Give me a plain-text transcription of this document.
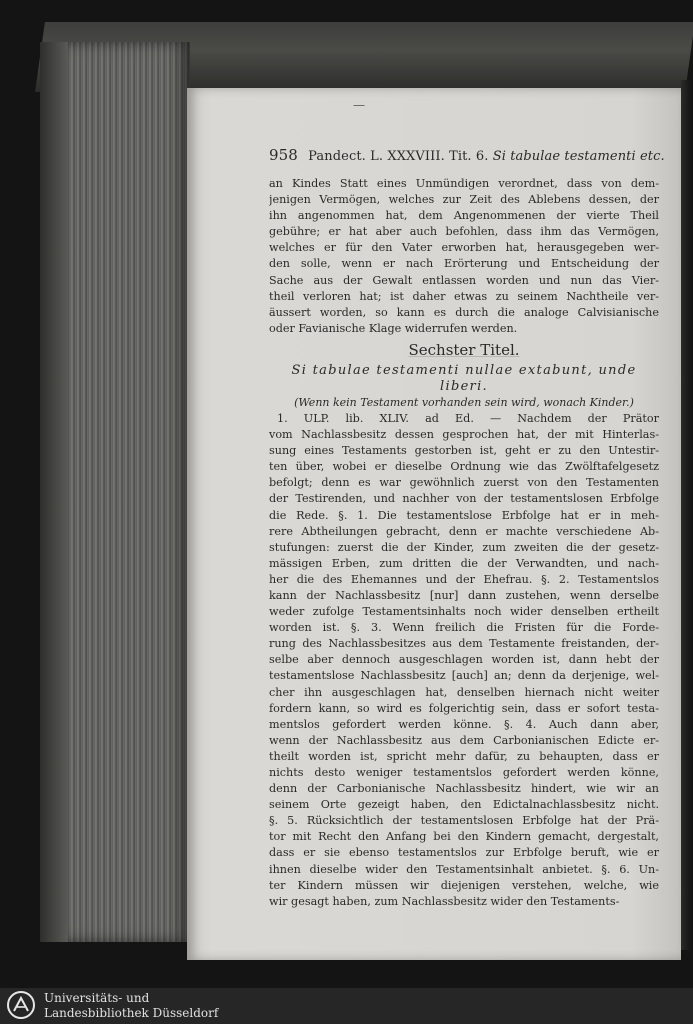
—
958 Pandect. L. XXXVIII. Tit. 6. Si tabulae testamenti etc.
an Kindes Statt eines Unmündigen verordnet, dass von dem-
jenigen Vermögen, welches zur Zeit des Ablebens dessen, der
ihn angenommen hat, dem Angenommenen der vierte Theil
gebühre; er hat aber auch befohlen, dass ihm das Vermögen,
welches er für den Vater erworben hat, herausgegeben wer-
den solle, wenn er nach Erörterung und Entscheidung der
Sache aus der Gewalt entlassen worden und nun das Vier-
theil verloren hat; ist daher etwas zu seinem Nachtheile ver-
äussert worden, so kann es durch die analoge Calvisianische
oder Favianische Klage widerrufen werden.
Sechster Titel.
Si tabulae testamenti nullae extabunt, unde
liberi.
(Wenn kein Testament vorhanden sein wird, wonach Kinder.)
1. ULP. lib. XLIV. ad Ed. — Nachdem der Prätor
vom Nachlassbesitz dessen gesprochen hat, der mit Hinterlas-
sung eines Testaments gestorben ist, geht er zu den Untestir-
ten über, wobei er dieselbe Ordnung wie das Zwölftafelgesetz
befolgt; denn es war gewöhnlich zuerst von den Testamenten
der Testirenden, und nachher von der testamentslosen Erbfolge
die Rede. §. 1. Die testamentslose Erbfolge hat er in meh-
rere Abtheilungen gebracht, denn er machte verschiedene Ab-
stufungen: zuerst die der Kinder, zum zweiten die der gesetz-
mässigen Erben, zum dritten die der Verwandten, und nach-
her die des Ehemannes und der Ehefrau. §. 2. Testamentslos
kann der Nachlassbesitz [nur] dann zustehen, wenn derselbe
weder zufolge Testamentsinhalts noch wider denselben ertheilt
worden ist. §. 3. Wenn freilich die Fristen für die Forde-
rung des Nachlassbesitzes aus dem Testamente freistanden, der-
selbe aber dennoch ausgeschlagen worden ist, dann hebt der
testamentslose Nachlassbesitz [auch] an; denn da derjenige, wel-
cher ihn ausgeschlagen hat, denselben hiernach nicht weiter
fordern kann, so wird es folgerichtig sein, dass er sofort testa-
mentslos gefordert werden könne. §. 4. Auch dann aber,
wenn der Nachlassbesitz aus dem Carbonianischen Edicte er-
theilt worden ist, spricht mehr dafür, zu behaupten, dass er
nichts desto weniger testamentslos gefordert werden könne,
denn der Carbonianische Nachlassbesitz hindert, wie wir an
seinem Orte gezeigt haben, den Edictalnachlassbesitz nicht.
§. 5. Rücksichtlich der testamentslosen Erbfolge hat der Prä-
tor mit Recht den Anfang bei den Kindern gemacht, dergestalt,
dass er sie ebenso testamentslos zur Erbfolge beruft, wie er
ihnen dieselbe wider den Testamentsinhalt anbietet. §. 6. Un-
ter Kindern müssen wir diejenigen verstehen, welche, wie
wir gesagt haben, zum Nachlassbesitz wider den Testaments-
Universitäts- und
Landesbibliothek Düsseldorf
